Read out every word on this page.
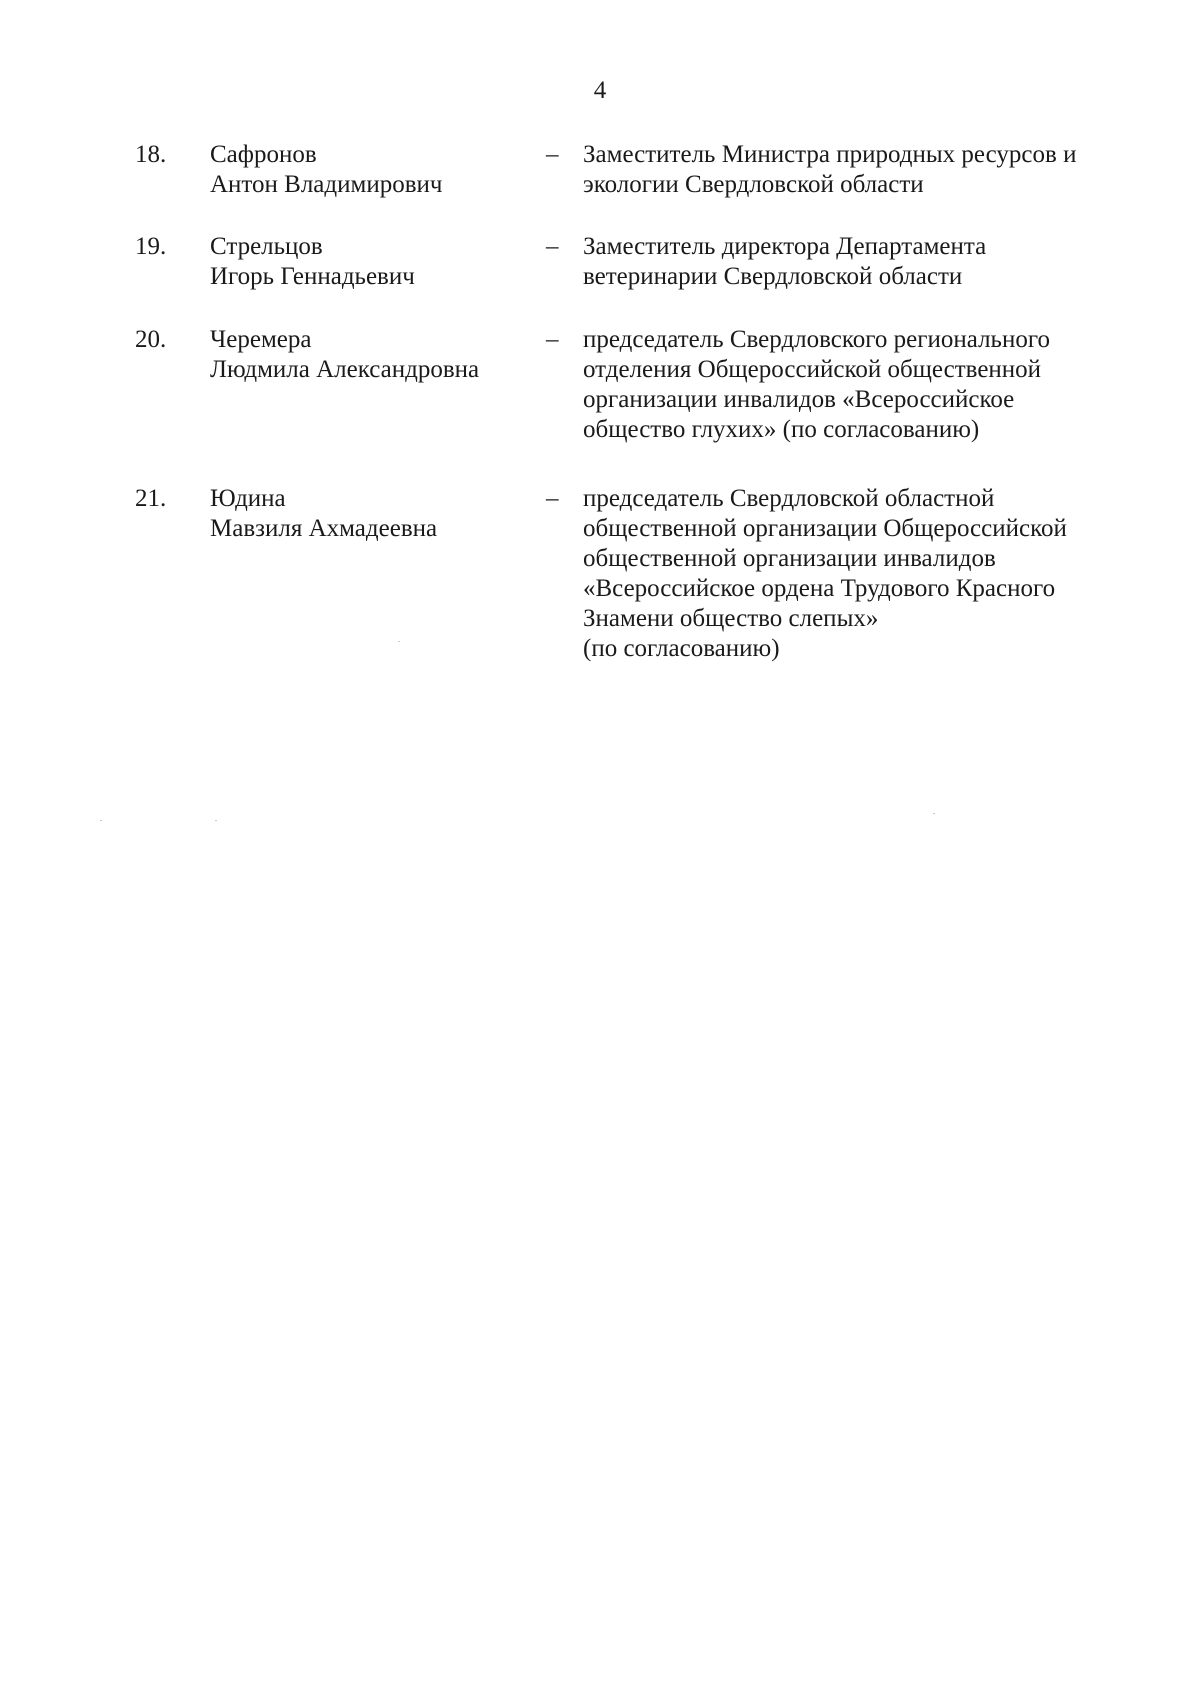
4
18. Сафронов
Антон Владимирович
– Заместитель Министра природных ресурсов и
экологии Свердловской области
19. Стрельцов
Игорь Геннадьевич
– Заместитель директора Департамента
ветеринарии Свердловской области
20. Черемера
Людмила Александровна
– председатель Свердловского регионального
отделения Общероссийской общественной
организации инвалидов «Всероссийское
общество глухих» (по согласованию)
21. Юдина
Мавзиля Ахмадеевна
– председатель Свердловской областной
общественной организации Общероссийской
общественной организации инвалидов
«Всероссийское ордена Трудового Красного
Знамени общество слепых»
(по согласованию)
